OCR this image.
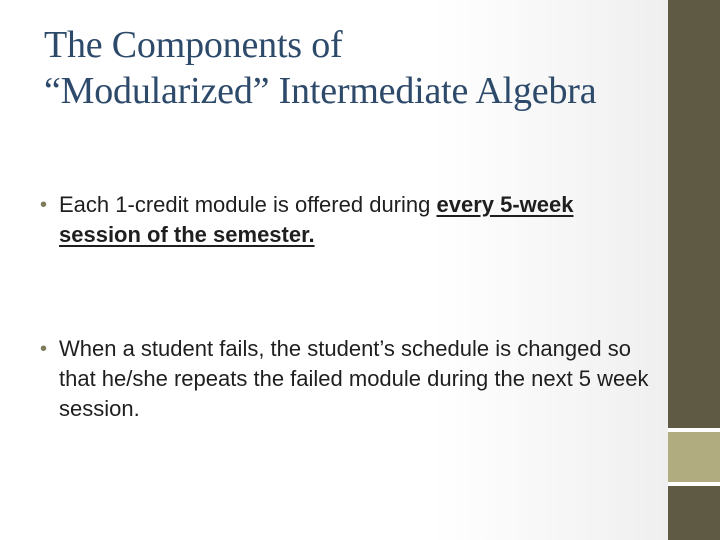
The Components of
“Modularized” Intermediate Algebra
• Each 1-credit module is offered during every 5-week session of the semester.
• When a student fails, the student’s schedule is changed so that he/she repeats the failed module during the next 5 week session.
